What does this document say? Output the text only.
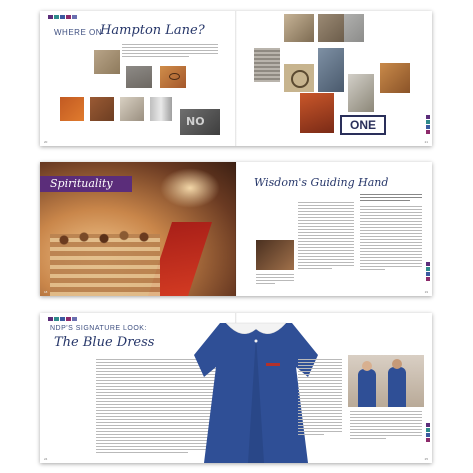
WHERE ON
Hampton Lane?
NO	ONE
20	21
Spirituality	Wisdom's Guiding Hand
18	19
NDP'S SIGNATURE LOOK:
The Blue Dress
24	25
